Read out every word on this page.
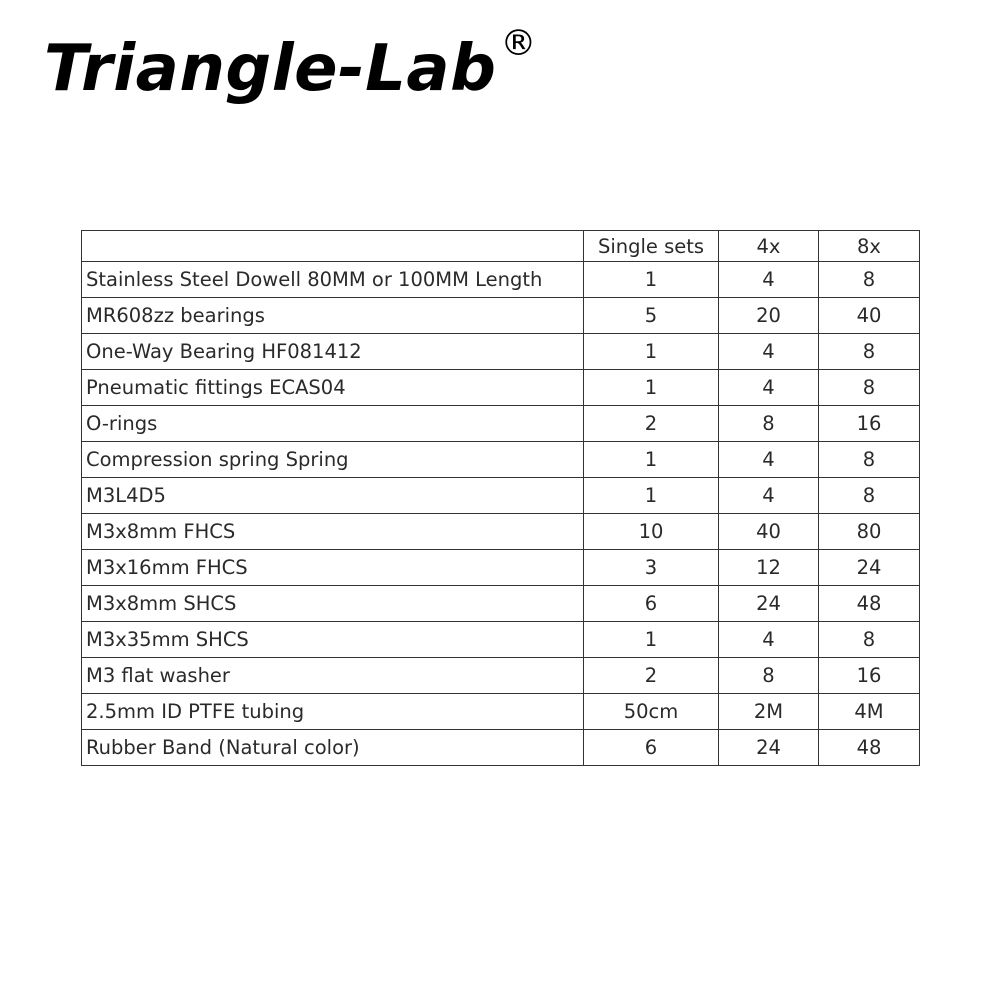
Triangle-Lab ®
	Single sets	4x	8x
Stainless Steel Dowell 80MM or 100MM Length	1	4	8
MR608zz bearings	5	20	40
One-Way Bearing HF081412	1	4	8
Pneumatic fittings ECAS04	1	4	8
O-rings	2	8	16
Compression spring Spring	1	4	8
M3L4D5	1	4	8
M3x8mm FHCS	10	40	80
M3x16mm FHCS	3	12	24
M3x8mm SHCS	6	24	48
M3x35mm SHCS	1	4	8
M3 flat washer	2	8	16
2.5mm ID PTFE tubing	50cm	2M	4M
Rubber Band (Natural color)	6	24	48
